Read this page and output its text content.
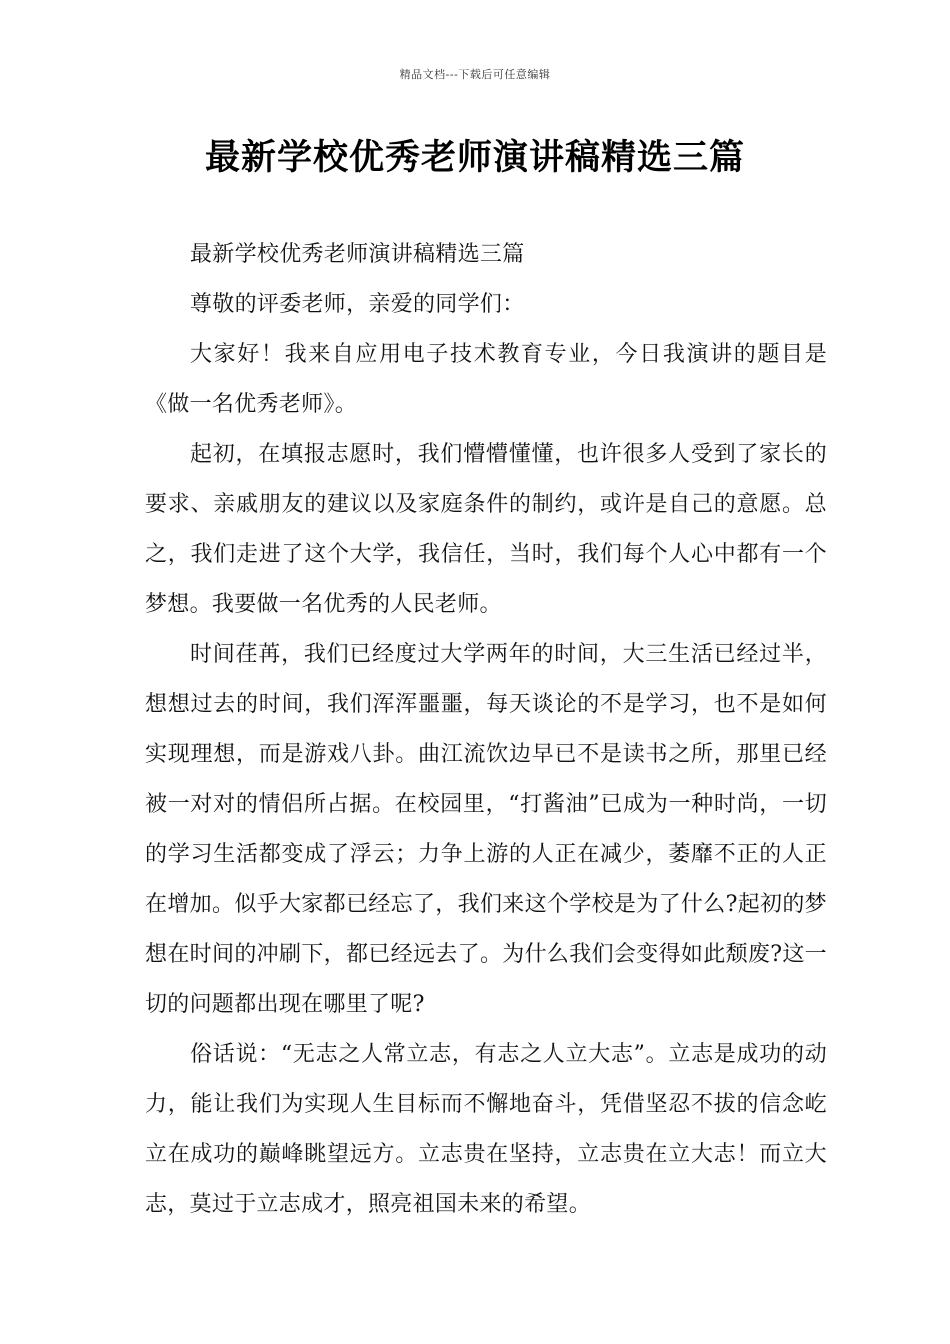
精品文档---下载后可任意编辑
最新学校优秀老师演讲稿精选三篇

最新学校优秀老师演讲稿精选三篇

尊敬的评委老师，亲爱的同学们：

大家好！我来自应用电子技术教育专业，今日我演讲的题目是《做一名优秀老师》。

起初，在填报志愿时，我们懵懵懂懂，也许很多人受到了家长的要求、亲戚朋友的建议以及家庭条件的制约，或许是自己的意愿。总之，我们走进了这个大学，我信任，当时，我们每个人心中都有一个梦想。我要做一名优秀的人民老师。

时间荏苒，我们已经度过大学两年的时间，大三生活已经过半，想想过去的时间，我们浑浑噩噩，每天谈论的不是学习，也不是如何实现理想，而是游戏八卦。曲江流饮边早已不是读书之所，那里已经被一对对的情侣所占据。在校园里，“打酱油”已成为一种时尚，一切的学习生活都变成了浮云；力争上游的人正在减少，萎靡不正的人正在增加。似乎大家都已经忘了，我们来这个学校是为了什么?起初的梦想在时间的冲刷下，都已经远去了。为什么我们会变得如此颓废?这一切的问题都出现在哪里了呢?

俗话说：“无志之人常立志，有志之人立大志”。立志是成功的动力，能让我们为实现人生目标而不懈地奋斗，凭借坚忍不拔的信念屹立在成功的巅峰眺望远方。立志贵在坚持，立志贵在立大志！而立大志，莫过于立志成才，照亮祖国未来的希望。
